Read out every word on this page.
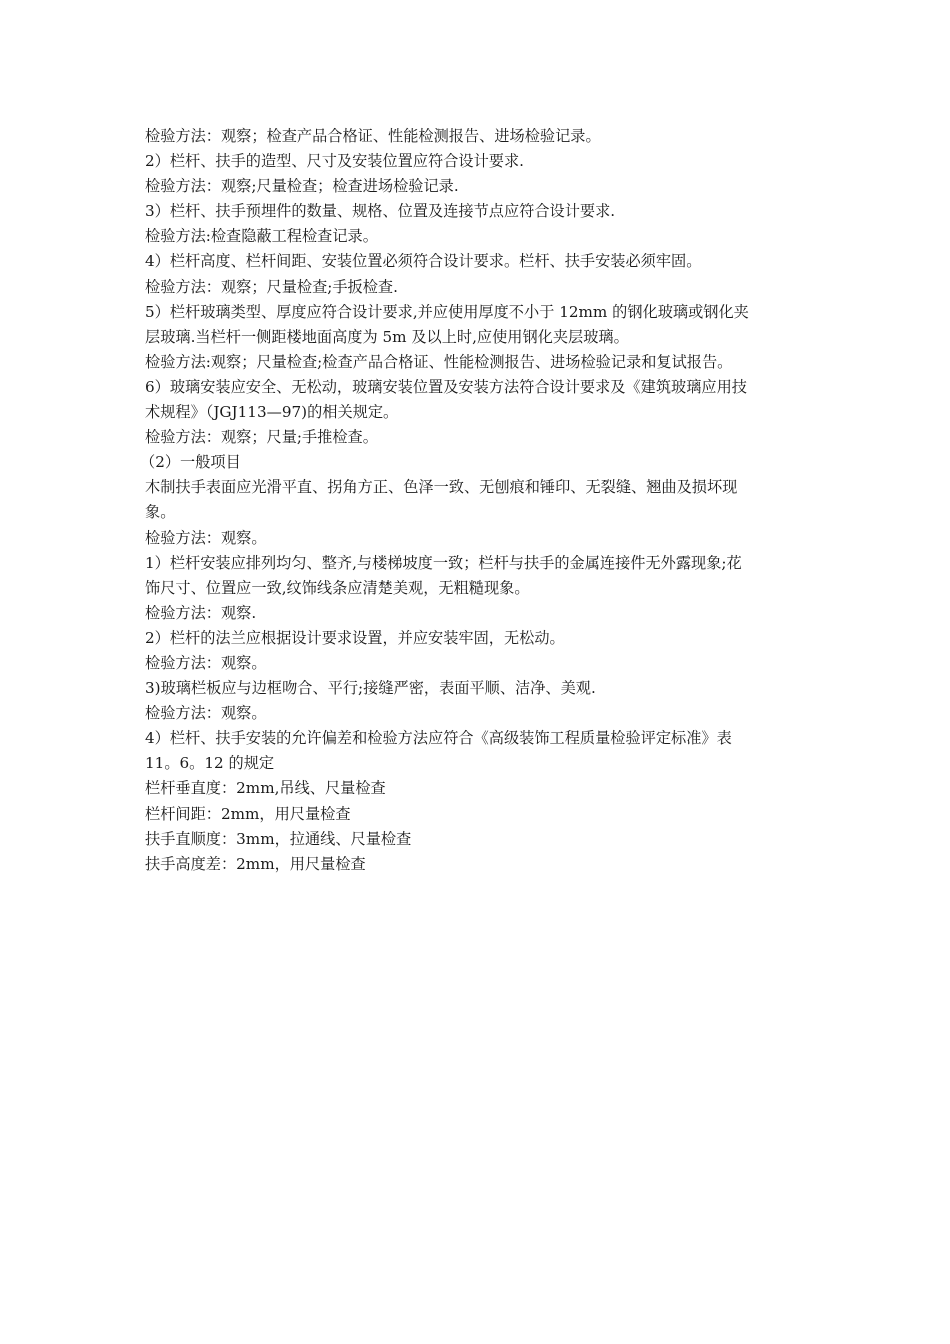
检验方法：观察；检查产品合格证、性能检测报告、进场检验记录。
2）栏杆、扶手的造型、尺寸及安装位置应符合设计要求.
检验方法：观察;尺量检查；检查进场检验记录.
3）栏杆、扶手预埋件的数量、规格、位置及连接节点应符合设计要求.
检验方法:检查隐蔽工程检查记录。
4）栏杆高度、栏杆间距、安装位置必须符合设计要求。栏杆、扶手安装必须牢固。
检验方法：观察；尺量检查;手扳检查.
5）栏杆玻璃类型、厚度应符合设计要求,并应使用厚度不小于 12mm 的钢化玻璃或钢化夹
层玻璃.当栏杆一侧距楼地面高度为 5m 及以上时,应使用钢化夹层玻璃。
检验方法:观察；尺量检查;检查产品合格证、性能检测报告、进场检验记录和复试报告。
6）玻璃安装应安全、无松动，玻璃安装位置及安装方法符合设计要求及《建筑玻璃应用技
术规程》（JGJ113—97)的相关规定。
检验方法：观察；尺量;手推检查。
（2）一般项目
木制扶手表面应光滑平直、拐角方正、色泽一致、无刨痕和锤印、无裂缝、翘曲及损坏现
象。
检验方法：观察。
1）栏杆安装应排列均匀、整齐,与楼梯坡度一致；栏杆与扶手的金属连接件无外露现象;花
饰尺寸、位置应一致,纹饰线条应清楚美观，无粗糙现象。
检验方法：观察.
2）栏杆的法兰应根据设计要求设置，并应安装牢固，无松动。
检验方法：观察。
3)玻璃栏板应与边框吻合、平行;接缝严密，表面平顺、洁净、美观.
检验方法：观察。
4）栏杆、扶手安装的允许偏差和检验方法应符合《高级装饰工程质量检验评定标准》表
11。6。12 的规定
栏杆垂直度：2mm,吊线、尺量检查
栏杆间距：2mm，用尺量检查
扶手直顺度：3mm，拉通线、尺量检查
扶手高度差：2mm，用尺量检查
